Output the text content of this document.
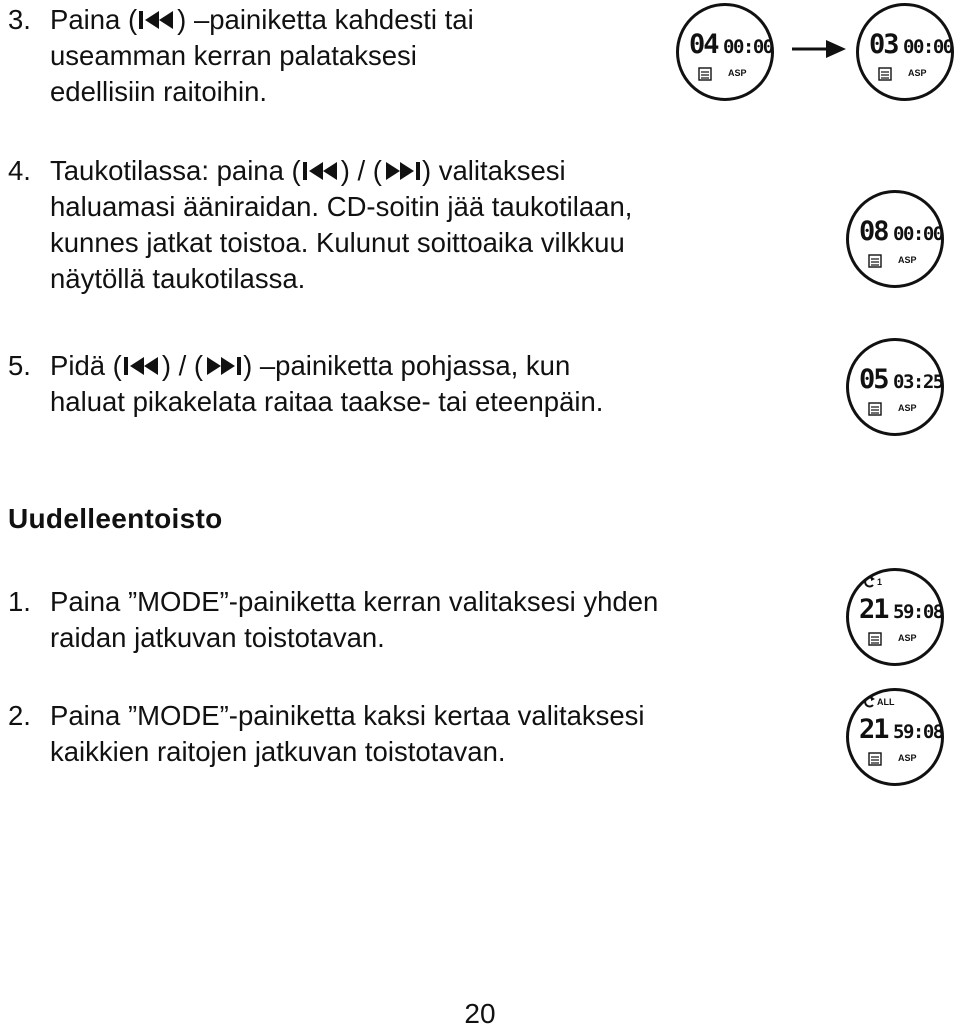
3. Paina ( ) –painiketta kahdesti tai
useamman kerran palataksesi
edellisiin raitoihin.
4. Taukotilassa: paina ( ) / ( ) valitaksesi
haluamasi ääniraidan. CD-soitin jää taukotilaan,
kunnes jatkat toistoa. Kulunut soittoaika vilkkuu
näytöllä taukotilassa.
5. Pidä ( ) / ( ) –painiketta pohjassa, kun
haluat pikakelata raitaa taakse- tai eteenpäin.
Uudelleentoisto
1. Paina ”MODE”-painiketta kerran valitaksesi yhden
raidan jatkuvan toistotavan.
2. Paina ”MODE”-painiketta kaksi kertaa valitaksesi
kaikkien raitojen jatkuvan toistotavan.
04 00:00
ASP
03 00:00
ASP
08 00:00
ASP
05 03:25
ASP
1
21 59:08
ASP
ALL
21 59:08
ASP
20
